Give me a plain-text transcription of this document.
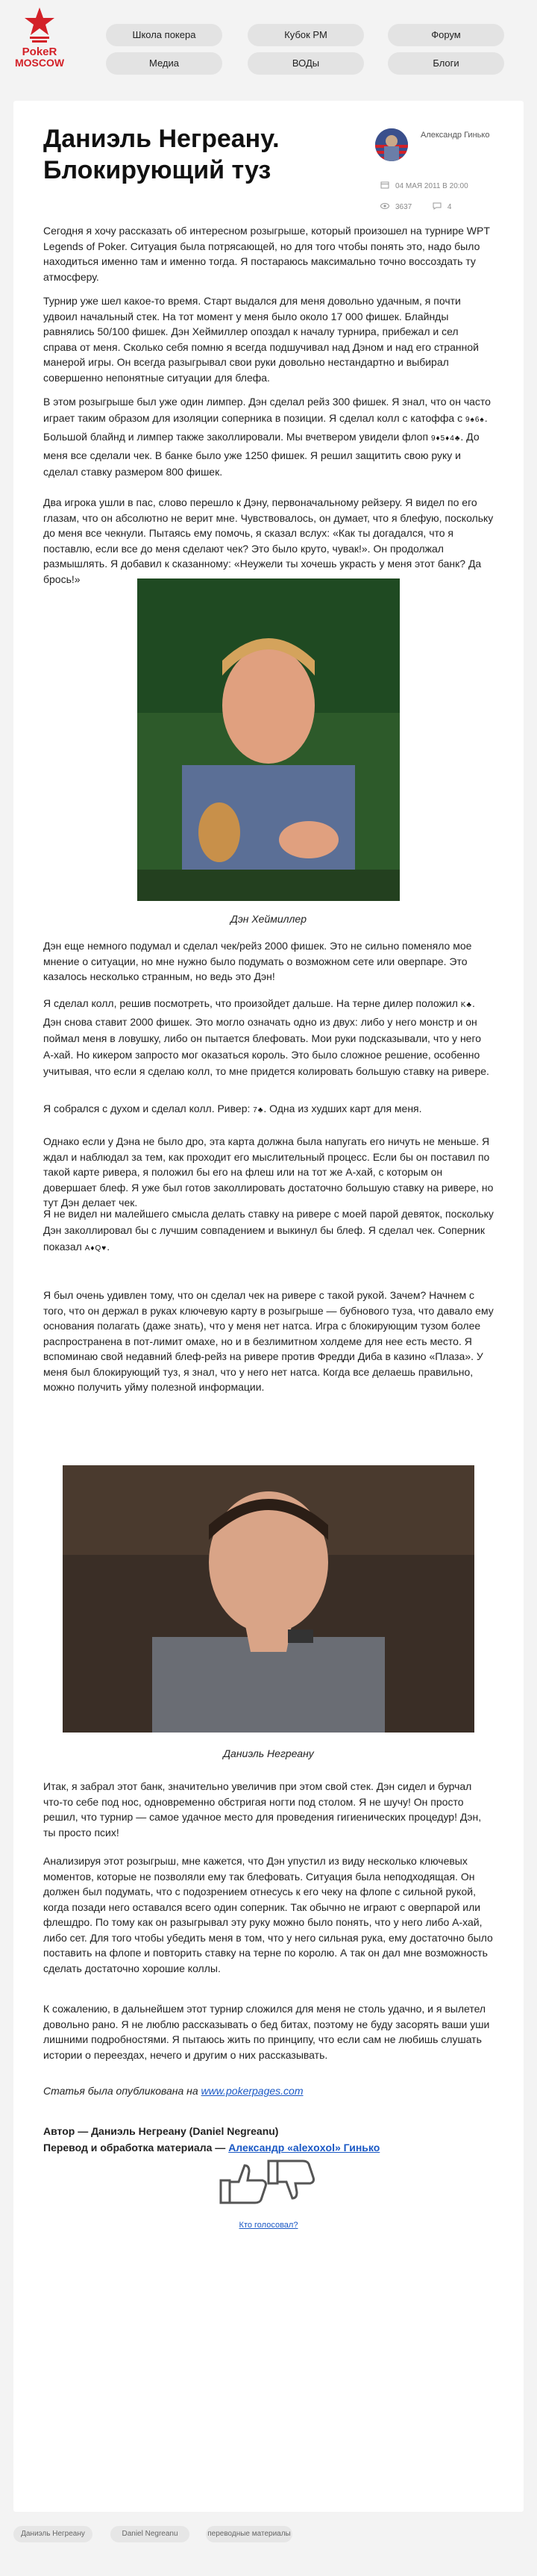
PokeR
MOSCOW
Школа покера	Кубок РМ	Форум
Медиа	ВОДы	Блоги
Даниэль Негреану. Блокирующий туз
Александр Гинько
04 МАЯ 2011 В 20:00
3637	4

Сегодня я хочу рассказать об интересном розыгрыше, который произошел на турнире WPT Legends of Poker. Ситуация была потрясающей, но для того чтобы понять это, надо было находиться именно там и именно тогда. Я постараюсь максимально точно воссоздать ту атмосферу.

Турнир уже шел какое-то время. Старт выдался для меня довольно удачным, я почти удвоил начальный стек. На тот момент у меня было около 17 000 фишек. Блайнды равнялись 50/100 фишек. Дэн Хеймиллер опоздал к началу турнира, прибежал и сел справа от меня. Сколько себя помню я всегда подшучивал над Дэном и над его странной манерой игры. Он всегда разыгрывал свои руки довольно нестандартно и выбирал совершенно непонятные ситуации для блефа.

В этом розыгрыше был уже один лимпер. Дэн сделал рейз 300 фишек. Я знал, что он часто играет таким образом для изоляции соперника в позиции. Я сделал колл с катоффа с 9♠6♠. Большой блайнд и лимпер также заколлировали. Мы вчетвером увидели флоп 9♦5♦4♣. До меня все сделали чек. В банке было уже 1250 фишек. Я решил защитить свою руку и сделал ставку размером 800 фишек.

Два игрока ушли в пас, слово перешло к Дэну, первоначальному рейзеру. Я видел по его глазам, что он абсолютно не верит мне. Чувствовалось, он думает, что я блефую, поскольку до меня все чекнули. Пытаясь ему помочь, я сказал вслух: «Как ты догадался, что я поставлю, если все до меня сделают чек? Это было круто, чувак!». Он продолжал размышлять. Я добавил к сказанному: «Неужели ты хочешь украсть у меня этот банк? Да брось!»

Дэн Хеймиллер

Дэн еще немного подумал и сделал чек/рейз 2000 фишек. Это не сильно поменяло мое мнение о ситуации, но мне нужно было подумать о возможном сете или оверпаре. Это казалось несколько странным, но ведь это Дэн!

Я сделал колл, решив посмотреть, что произойдет дальше. На терне дилер положил K♣. Дэн снова ставит 2000 фишек. Это могло означать одно из двух: либо у него монстр и он поймал меня в ловушку, либо он пытается блефовать. Мои руки подсказывали, что у него A-хай. Но кикером запросто мог оказаться король. Это было сложное решение, особенно учитывая, что если я сделаю колл, то мне придется колировать большую ставку на ривере.

Я собрался с духом и сделал колл. Ривер: 7♣. Одна из худших карт для меня.

Однако если у Дэна не было дро, эта карта должна была напугать его ничуть не меньше. Я ждал и наблюдал за тем, как проходит его мыслительный процесс. Если бы он поставил по такой карте ривера, я положил бы его на флеш или на тот же A-хай, с которым он довершает блеф. Я уже был готов заколлировать достаточно большую ставку на ривере, но тут Дэн делает чек.

Я не видел ни малейшего смысла делать ставку на ривере с моей парой девяток, поскольку Дэн заколлировал бы с лучшим совпадением и выкинул бы блеф. Я сделал чек. Соперник показал A♦Q♥.

Я был очень удивлен тому, что он сделал чек на ривере с такой рукой. Зачем? Начнем с того, что он держал в руках ключевую карту в розыгрыше — бубнового туза, что давало ему основания полагать (даже знать), что у меня нет натса. Игра с блокирующим тузом более распространена в пот-лимит омахе, но и в безлимитном холдеме для нее есть место. Я вспоминаю свой недавний блеф-рейз на ривере против Фредди Диба в казино «Плаза». У меня был блокирующий туз, я знал, что у него нет натса. Когда все делаешь правильно, можно получить уйму полезной информации.

Даниэль Негреану

Итак, я забрал этот банк, значительно увеличив при этом свой стек. Дэн сидел и бурчал что-то себе под нос, одновременно обстригая ногти под столом. Я не шучу! Он просто решил, что турнир — самое удачное место для проведения гигиенических процедур! Дэн, ты просто псих!

Анализируя этот розыгрыш, мне кажется, что Дэн упустил из виду несколько ключевых моментов, которые не позволяли ему так блефовать. Ситуация была неподходящая. Он должен был подумать, что с подозрением отнесусь к его чеку на флопе с сильной рукой, когда позади него оставался всего один соперник. Так обычно не играют с оверпарой или флешдро. По тому как он разыгрывал эту руку можно было понять, что у него либо A-хай, либо сет. Для того чтобы убедить меня в том, что у него сильная рука, ему достаточно было поставить на флопе и повторить ставку на терне по королю. А так он дал мне возможность сделать достаточно хорошие коллы.

К сожалению, в дальнейшем этот турнир сложился для меня не столь удачно, и я вылетел довольно рано. Я не люблю рассказывать о бед битах, поэтому не буду засорять ваши уши лишними подробностями. Я пытаюсь жить по принципу, что если сам не любишь слушать истории о переездах, нечего и другим о них рассказывать.

Статья была опубликована на www.pokerpages.com

Автор — Даниэль Негреану (Daniel Negreanu)

Перевод и обработка материала — Александр «alexoxol» Гинько

Кто голосовал?
Даниэль Негреану	Daniel Negreanu	переводные материалы
